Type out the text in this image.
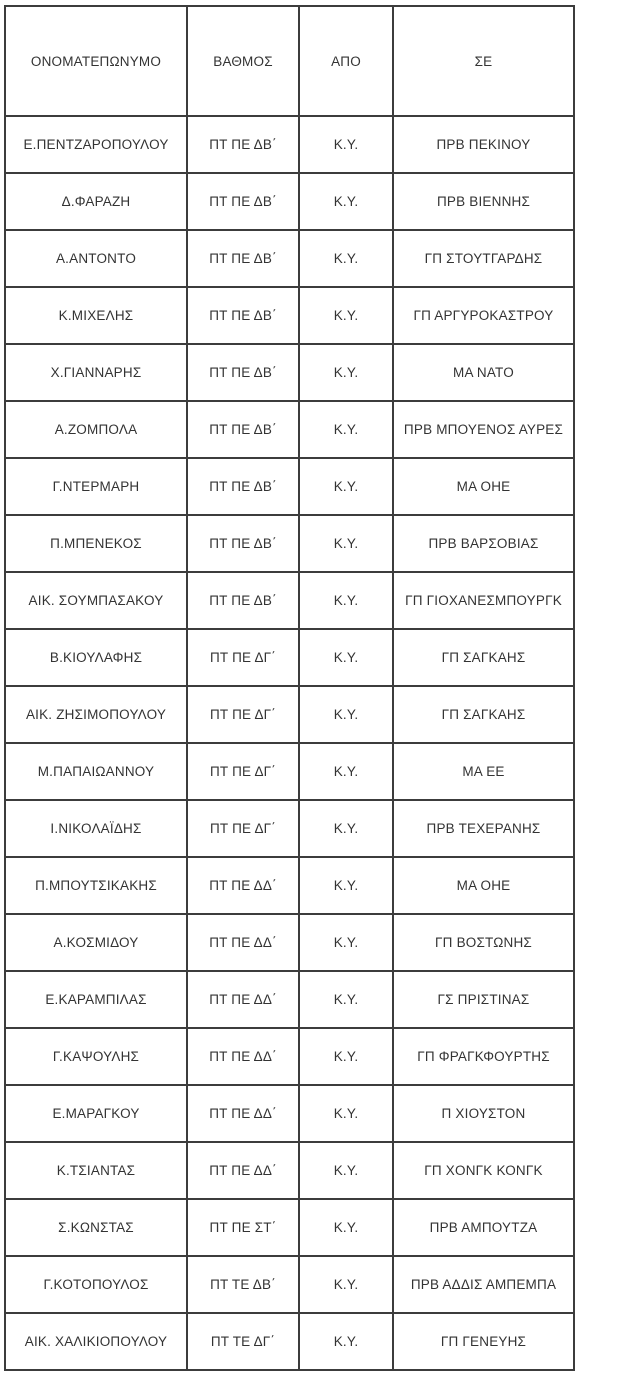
ΟΝΟΜΑΤΕΠΩΝΥΜΟ	ΒΑΘΜΟΣ	ΑΠΟ	ΣΕ
Ε.ΠΕΝΤΖΑΡΟΠΟΥΛΟΥ	ΠΤ ΠΕ ΔΒ΄	Κ.Υ.	ΠΡΒ ΠΕΚΙΝΟΥ
Δ.ΦΑΡΑΖΗ	ΠΤ ΠΕ ΔΒ΄	Κ.Υ.	ΠΡΒ ΒΙΕΝΝΗΣ
Α.ΑΝΤΟΝΤΟ	ΠΤ ΠΕ ΔΒ΄	Κ.Υ.	ΓΠ ΣΤΟΥΤΓΑΡΔΗΣ
Κ.ΜΙΧΕΛΗΣ	ΠΤ ΠΕ ΔΒ΄	Κ.Υ.	ΓΠ ΑΡΓΥΡΟΚΑΣΤΡΟΥ
Χ.ΓΙΑΝΝΑΡΗΣ	ΠΤ ΠΕ ΔΒ΄	Κ.Υ.	ΜΑ ΝΑΤΟ
Α.ΖΟΜΠΟΛΑ	ΠΤ ΠΕ ΔΒ΄	Κ.Υ.	ΠΡΒ ΜΠΟΥΕΝΟΣ ΑΥΡΕΣ
Γ.ΝΤΕΡΜΑΡΗ	ΠΤ ΠΕ ΔΒ΄	Κ.Υ.	ΜΑ ΟΗΕ
Π.ΜΠΕΝΕΚΟΣ	ΠΤ ΠΕ ΔΒ΄	Κ.Υ.	ΠΡΒ ΒΑΡΣΟΒΙΑΣ
ΑΙΚ. ΣΟΥΜΠΑΣΑΚΟΥ	ΠΤ ΠΕ ΔΒ΄	Κ.Υ.	ΓΠ ΓΙΟΧΑΝΕΣΜΠΟΥΡΓΚ
Β.ΚΙΟΥΛΑΦΗΣ	ΠΤ ΠΕ ΔΓ΄	Κ.Υ.	ΓΠ ΣΑΓΚΑΗΣ
ΑΙΚ. ΖΗΣΙΜΟΠΟΥΛΟΥ	ΠΤ ΠΕ ΔΓ΄	Κ.Υ.	ΓΠ ΣΑΓΚΑΗΣ
Μ.ΠΑΠΑΙΩΑΝΝΟΥ	ΠΤ ΠΕ ΔΓ΄	Κ.Υ.	ΜΑ ΕΕ
Ι.ΝΙΚΟΛΑΪΔΗΣ	ΠΤ ΠΕ ΔΓ΄	Κ.Υ.	ΠΡΒ ΤΕΧΕΡΑΝΗΣ
Π.ΜΠΟΥΤΣΙΚΑΚΗΣ	ΠΤ ΠΕ ΔΔ΄	Κ.Υ.	ΜΑ ΟΗΕ
Α.ΚΟΣΜΙΔΟΥ	ΠΤ ΠΕ ΔΔ΄	Κ.Υ.	ΓΠ ΒΟΣΤΩΝΗΣ
Ε.ΚΑΡΑΜΠΙΛΑΣ	ΠΤ ΠΕ ΔΔ΄	Κ.Υ.	ΓΣ ΠΡΙΣΤΙΝΑΣ
Γ.ΚΑΨΟΥΛΗΣ	ΠΤ ΠΕ ΔΔ΄	Κ.Υ.	ΓΠ ΦΡΑΓΚΦΟΥΡΤΗΣ
Ε.ΜΑΡΑΓΚΟΥ	ΠΤ ΠΕ ΔΔ΄	Κ.Υ.	Π ΧΙΟΥΣΤΟΝ
Κ.ΤΣΙΑΝΤΑΣ	ΠΤ ΠΕ ΔΔ΄	Κ.Υ.	ΓΠ ΧΟΝΓΚ ΚΟΝΓΚ
Σ.ΚΩΝΣΤΑΣ	ΠΤ ΠΕ ΣΤ΄	Κ.Υ.	ΠΡΒ ΑΜΠΟΥΤΖΑ
Γ.ΚΟΤΟΠΟΥΛΟΣ	ΠΤ ΤΕ ΔΒ΄	Κ.Υ.	ΠΡΒ ΑΔΔΙΣ ΑΜΠΕΜΠΑ
ΑΙΚ. ΧΑΛΙΚΙΟΠΟΥΛΟΥ	ΠΤ ΤΕ ΔΓ΄	Κ.Υ.	ΓΠ ΓΕΝΕΥΗΣ
